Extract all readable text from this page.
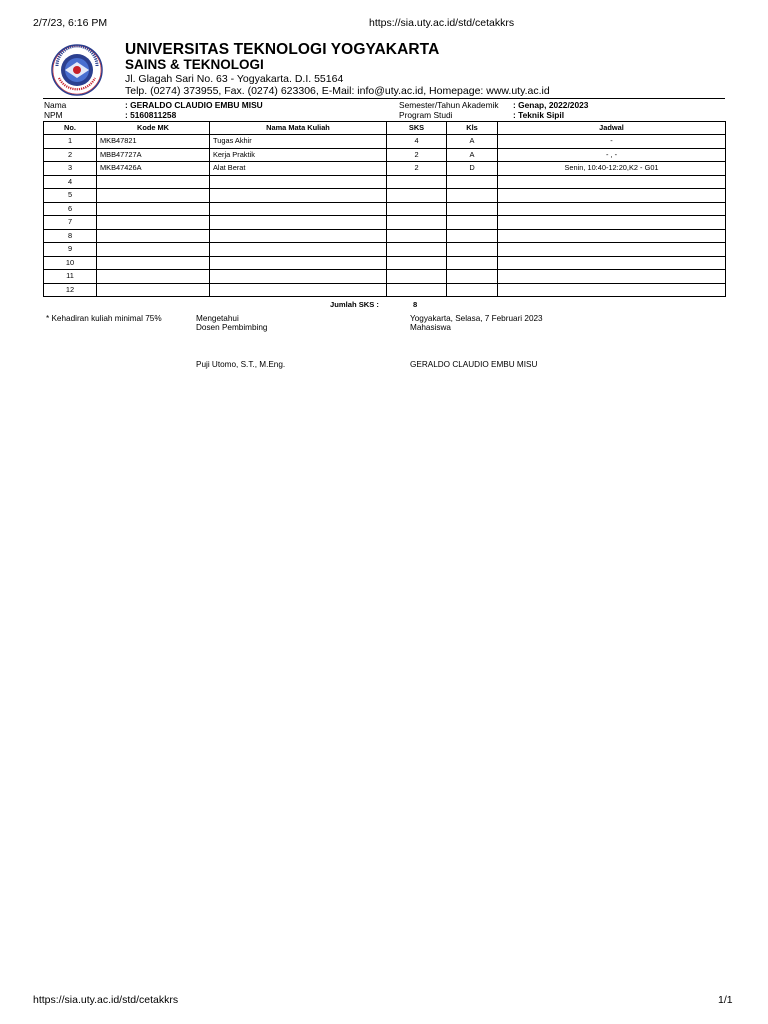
2/7/23, 6:16 PM	https://sia.uty.ac.id/std/cetakkrs
UNIVERSITAS TEKNOLOGI YOGYAKARTA
SAINS & TEKNOLOGI
Jl. Glagah Sari No. 63 - Yogyakarta. D.I. 55164
Telp. (0274) 373955, Fax. (0274) 623306, E-Mail: info@uty.ac.id, Homepage: www.uty.ac.id
Nama	: GERALDO CLAUDIO EMBU MISU
NPM	: 5160811258
Semester/Tahun Akademik : Genap, 2022/2023
Program Studi	: Teknik Sipil
No.	Kode MK	Nama Mata Kuliah	SKS	Kls	Jadwal
1	MKB47821	Tugas Akhir	4	A	-
2	MBB47727A	Kerja Praktik	2	A	- , -
3	MKB47426A	Alat Berat	2	D	Senin, 10:40-12:20,K2 - G01
4					
5					
6					
7					
8					
9					
10					
11					
12					
Jumlah SKS :	8
* Kehadiran kuliah minimal 75%	Mengetahui
Dosen Pembimbing
Puji Utomo, S.T., M.Eng.
Yogyakarta, Selasa, 7 Februari 2023
Mahasiswa
GERALDO CLAUDIO EMBU MISU
https://sia.uty.ac.id/std/cetakkrs	1/1
